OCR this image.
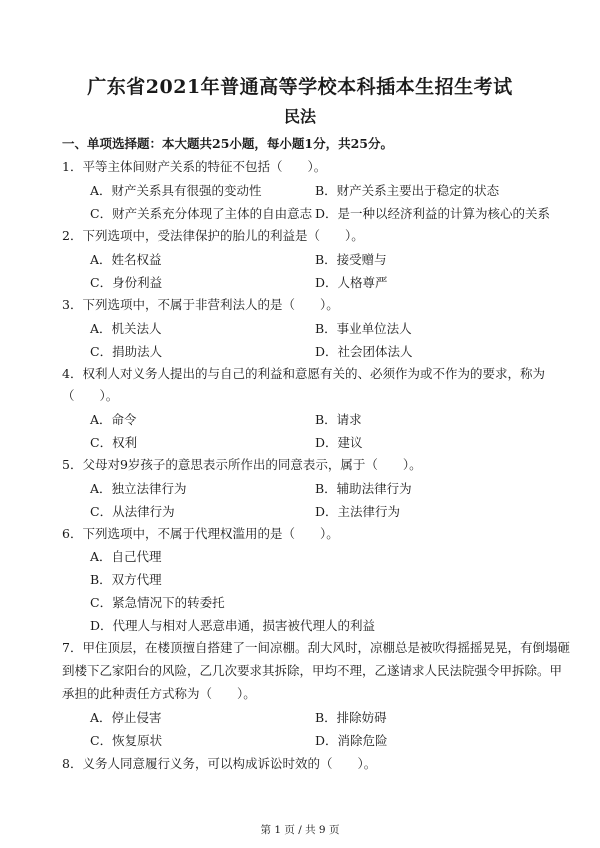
广东省2021年普通高等学校本科插本生招生考试
民法
一、单项选择题：本大题共25小题，每小题1分，共25分。
1．平等主体间财产关系的特征不包括（　　）。
A．财产关系具有很强的变动性	B．财产关系主要出于稳定的状态
C．财产关系充分体现了主体的自由意志 D．是一种以经济利益的计算为核心的关系
2．下列选项中，受法律保护的胎儿的利益是（　　）。
A．姓名权益	B．接受赠与
C．身份利益	D．人格尊严
3．下列选项中，不属于非营利法人的是（　　）。
A．机关法人	B．事业单位法人
C．捐助法人	D．社会团体法人
4．权利人对义务人提出的与自己的利益和意愿有关的、必须作为或不作为的要求，称为
（　　）。
A．命令	B．请求
C．权利	D．建议
5．父母对9岁孩子的意思表示所作出的同意表示，属于（　　）。
A．独立法律行为	B．辅助法律行为
C．从法律行为	D．主法律行为
6．下列选项中，不属于代理权滥用的是（　　）。
A．自己代理
B．双方代理
C．紧急情况下的转委托
D．代理人与相对人恶意串通，损害被代理人的利益
7．甲住顶层，在楼顶擅自搭建了一间凉棚。刮大风时，凉棚总是被吹得摇摇晃晃，有倒塌砸
到楼下乙家阳台的风险，乙几次要求其拆除，甲均不理，乙遂请求人民法院强令甲拆除。甲
承担的此种责任方式称为（　　）。
A．停止侵害	B．排除妨碍
C．恢复原状	D．消除危险
8．义务人同意履行义务，可以构成诉讼时效的（　　）。
第 1 页 / 共 9 页
